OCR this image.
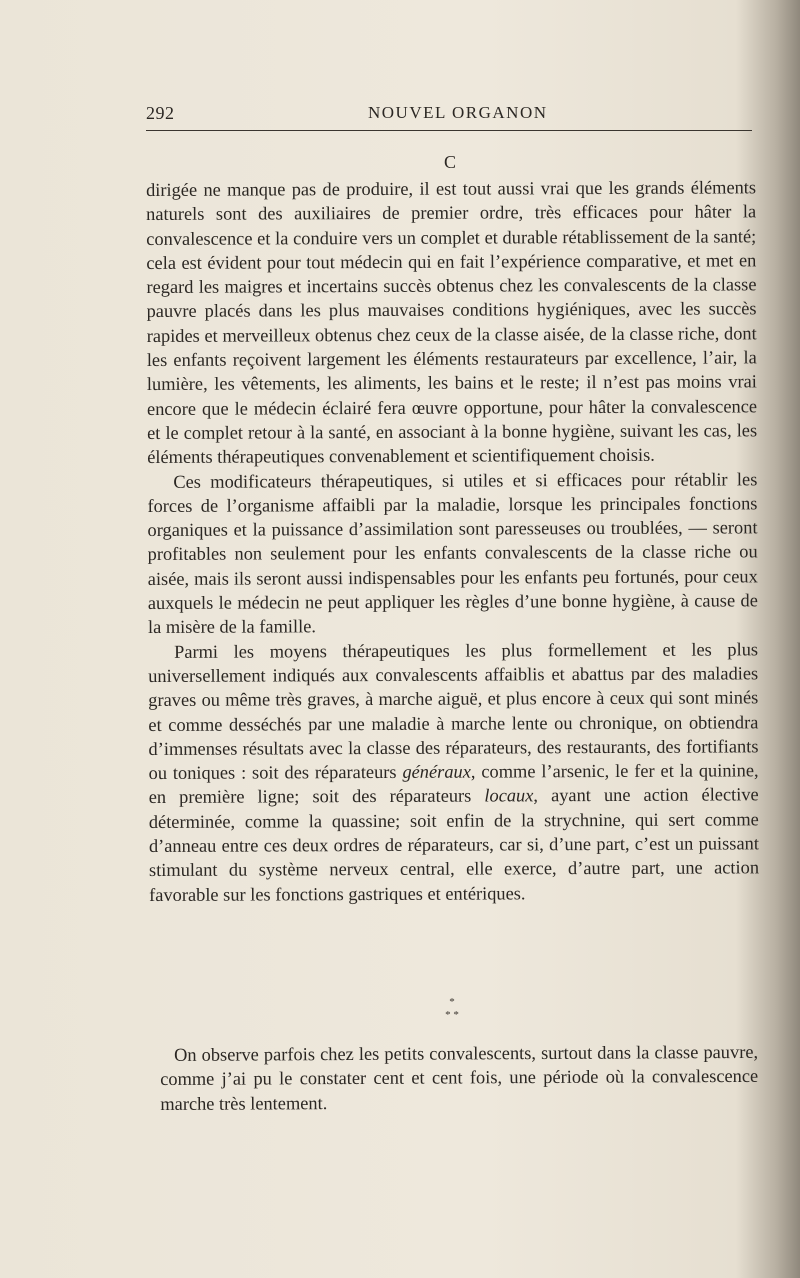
292	NOUVEL ORGANON
C

dirigée ne manque pas de produire, il est tout aussi vrai que les grands éléments naturels sont des auxiliaires de premier ordre, très efficaces pour hâter la convalescence et la conduire vers un complet et durable rétablissement de la santé; cela est évident pour tout médecin qui en fait l’expérience comparative, et met en regard les maigres et incertains succès obtenus chez les convalescents de la classe pauvre placés dans les plus mauvaises conditions hygiéniques, avec les succès rapides et merveilleux obtenus chez ceux de la classe aisée, de la classe riche, dont les enfants reçoivent largement les éléments restaurateurs par excellence, l’air, la lumière, les vêtements, les aliments, les bains et le reste; il n’est pas moins vrai encore que le médecin éclairé fera œuvre opportune, pour hâter la convalescence et le complet retour à la santé, en associant à la bonne hygiène, suivant les cas, les éléments thérapeutiques convenablement et scientifiquement choisis.

Ces modificateurs thérapeutiques, si utiles et si efficaces pour rétablir les forces de l’organisme affaibli par la maladie, lorsque les principales fonctions organiques et la puissance d’assimilation sont paresseuses ou troublées, — seront profitables non seulement pour les enfants convalescents de la classe riche ou aisée, mais ils seront aussi indispensables pour les enfants peu fortunés, pour ceux auxquels le médecin ne peut appliquer les règles d’une bonne hygiène, à cause de la misère de la famille.

Parmi les moyens thérapeutiques les plus formellement et les plus universellement indiqués aux convalescents affaiblis et abattus par des maladies graves ou même très graves, à marche aiguë, et plus encore à ceux qui sont minés et comme desséchés par une maladie à marche lente ou chronique, on obtiendra d’immenses résultats avec la classe des réparateurs, des restaurants, des fortifiants ou toniques : soit des réparateurs généraux, comme l’arsenic, le fer et la quinine, en première ligne; soit des réparateurs locaux, ayant une action élective déterminée, comme la quassine; soit enfin de la strychnine, qui sert comme d’anneau entre ces deux ordres de réparateurs, car si, d’une part, c’est un puissant stimulant du système nerveux central, elle exerce, d’autre part, une action favorable sur les fonctions gastriques et entériques.

*
* *

On observe parfois chez les petits convalescents, surtout dans la classe pauvre, comme j’ai pu le constater cent et cent fois, une période où la convalescence marche très lentement.
